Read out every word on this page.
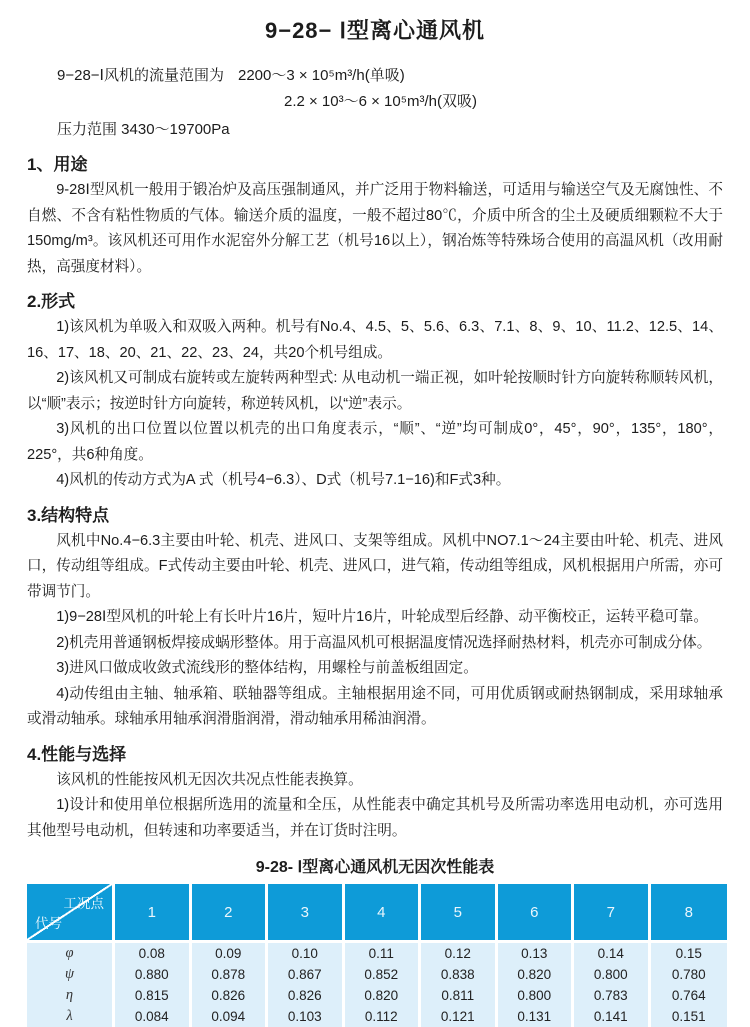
9−28− Ⅰ型离心通风机
9−28−Ⅰ风机的流量范围为 2200～3 × 10⁵m³/h(单吸)
2.2 × 10³～6 × 10⁵m³/h(双吸)
压力范围 3430～19700Pa
1、用途

9-28Ⅰ型风机一般用于锻冶炉及高压强制通风，并广泛用于物料输送，可适用与输送空气及无腐蚀性、不自燃、不含有粘性物质的气体。输送介质的温度，一般不超过80℃，介质中所含的尘土及硬质细颗粒不大于150mg/m³。该风机还可用作水泥窑外分解工艺（机号16以上），钢冶炼等特殊场合使用的高温风机（改用耐热，高强度材料）。

2.形式

1)该风机为单吸入和双吸入两种。机号有No.4、4.5、5、5.6、6.3、7.1、8、9、10、11.2、12.5、14、16、17、18、20、21、22、23、24，共20个机号组成。

2)该风机又可制成右旋转或左旋转两种型式: 从电动机一端正视，如叶轮按顺时针方向旋转称顺转风机，以“顺”表示；按逆时针方向旋转，称逆转风机，以“逆”表示。

3)风机的出口位置以位置以机壳的出口角度表示，“顺”、“逆”均可制成0°，45°，90°，135°，180°，225°，共6种角度。

4)风机的传动方式为A 式（机号4−6.3）、D式（机号7.1−16)和F式3种。

3.结构特点

风机中No.4−6.3主要由叶轮、机壳、进风口、支架等组成。风机中NO7.1～24主要由叶轮、机壳、进风口，传动组等组成。F式传动主要由叶轮、机壳、进风口，进气箱，传动组等组成，风机根据用户所需，亦可带调节门。

1)9−28Ⅰ型风机的叶轮上有长叶片16片，短叶片16片，叶轮成型后经静、动平衡校正，运转平稳可靠。

2)机壳用普通钢板焊接成蜗形整体。用于高温风机可根据温度情况选择耐热材料，机壳亦可制成分体。

3)进风口做成收敛式流线形的整体结构，用螺栓与前盖板组固定。

4)动传组由主轴、轴承箱、联轴器等组成。主轴根据用途不同，可用优质钢或耐热钢制成，采用球轴承或滑动轴承。球轴承用轴承润滑脂润滑，滑动轴承用稀油润滑。

4.性能与选择

该风机的性能按风机无因次共况点性能表换算。

1)设计和使用单位根据所选用的流量和全压，从性能表中确定其机号及所需功率选用电动机，亦可选用其他型号电动机，但转速和功率要适当，并在订货时注明。

9-28- Ⅰ型离心通风机无因次性能表
工况点
代号	1	2	3	4	5	6	7	8
φ	0.08	0.09	0.10	0.11	0.12	0.13	0.14	0.15
ψ	0.880	0.878	0.867	0.852	0.838	0.820	0.800	0.780
η	0.815	0.826	0.826	0.820	0.811	0.800	0.783	0.764
λ	0.084	0.094	0.103	0.112	0.121	0.131	0.141	0.151
